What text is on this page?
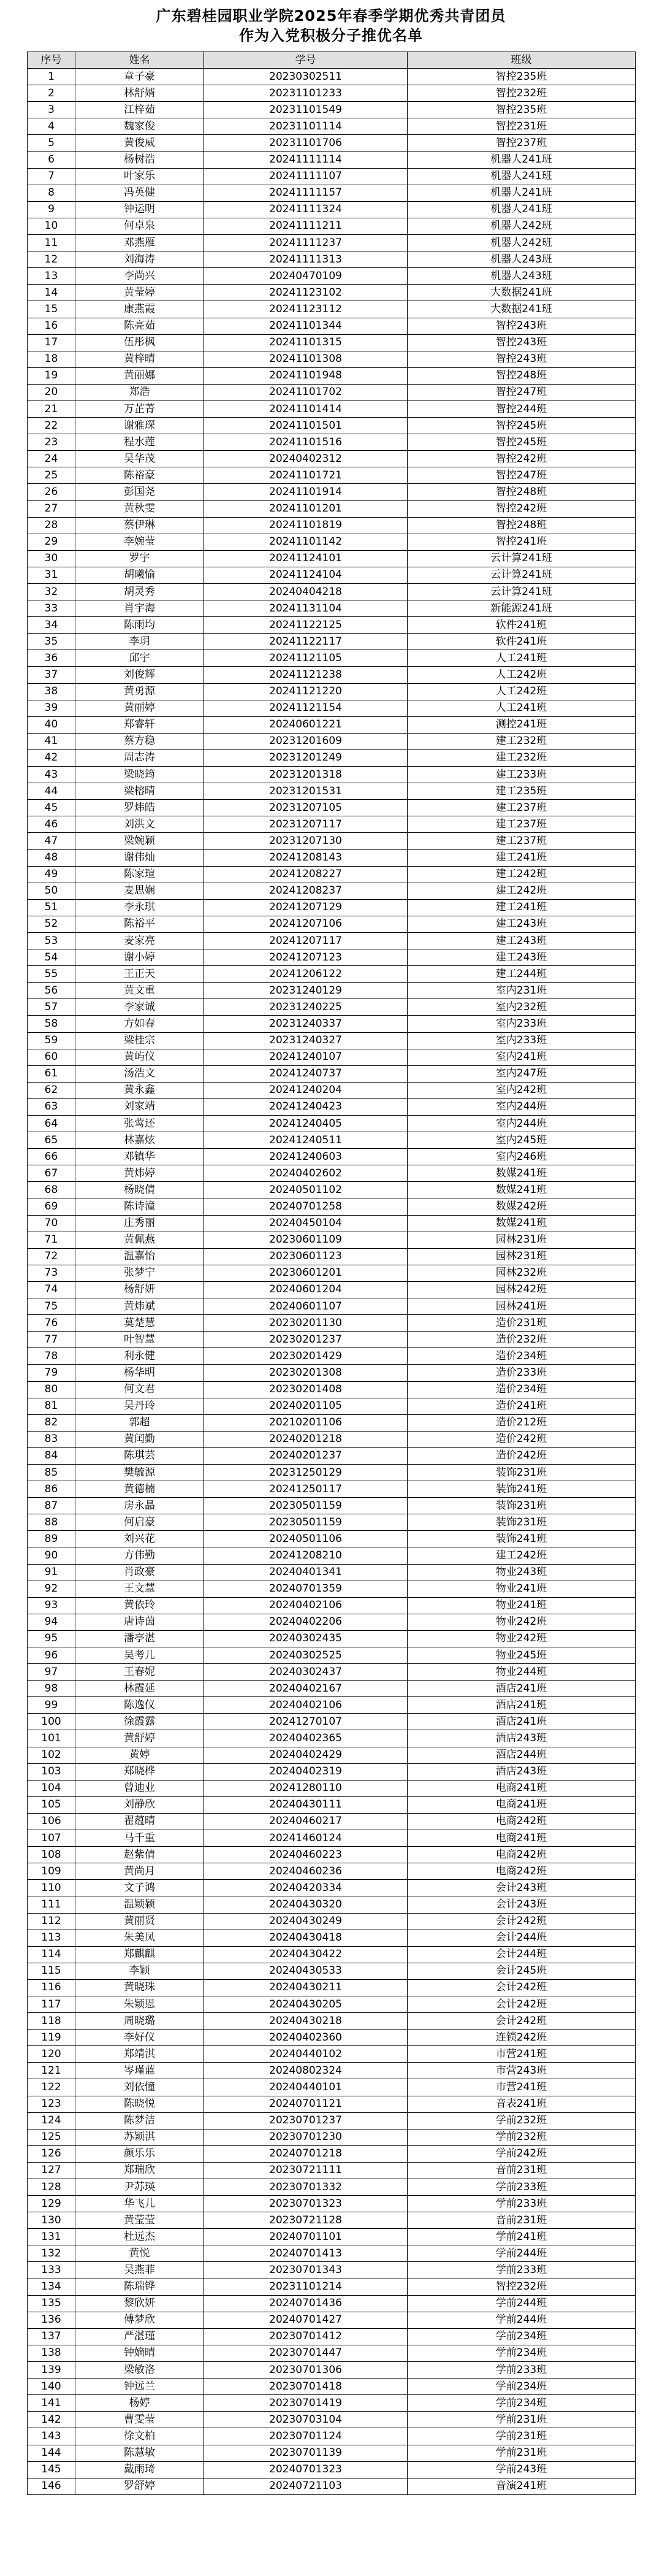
广东碧桂园职业学院2025年春季学期优秀共青团员
作为入党积极分子推优名单
序号	姓名	学号	班级
1	章子豪	20230302511	智控235班
2	林舒婿	20231101233	智控232班
3	江梓茹	20231101549	智控235班
4	魏家俊	20231101114	智控231班
5	黄俊威	20231101706	智控237班
6	杨树浩	20241111114	机器人241班
7	叶家乐	20241111107	机器人241班
8	冯英健	20241111157	机器人241班
9	钟运明	20241111324	机器人241班
10	何卓泉	20241111211	机器人242班
11	邓燕雁	20241111237	机器人242班
12	刘海涛	20241111313	机器人243班
13	李尚兴	20240470109	机器人243班
14	黄莹婷	20241123102	大数据241班
15	康燕霞	20241123112	大数据241班
16	陈亮茹	20241101344	智控243班
17	伍彤枫	20241101315	智控243班
18	黄梓晴	20241101308	智控243班
19	黄丽娜	20241101948	智控248班
20	郑浩	20241101702	智控247班
21	万芷菁	20241101414	智控244班
22	谢雅琛	20241101501	智控245班
23	程水莲	20241101516	智控245班
24	吴华茂	20240402312	智控242班
25	陈裕豪	20241101721	智控247班
26	彭国尧	20241101914	智控248班
27	黄秋雯	20241101201	智控242班
28	蔡伊琳	20241101819	智控248班
29	李婉莹	20241101142	智控241班
30	罗宇	20241124101	云计算241班
31	胡曦愉	20241124104	云计算241班
32	胡灵秀	20240404218	云计算241班
33	肖宇海	20241131104	新能源241班
34	陈雨均	20241122125	软件241班
35	李玥	20241122117	软件241班
36	邱宇	20241121105	人工241班
37	刘俊辉	20241121238	人工242班
38	黄勇源	20241121220	人工242班
39	黄丽婷	20241121154	人工241班
40	郑睿轩	20240601221	测控241班
41	蔡方稳	20231201609	建工232班
42	周志涛	20231201249	建工232班
43	梁晓筠	20231201318	建工233班
44	梁榕晴	20231201531	建工235班
45	罗炜皓	20231207105	建工237班
46	刘洪文	20231207117	建工237班
47	梁婉颖	20231207130	建工237班
48	谢伟灿	20241208143	建工241班
49	陈家瑄	20241208227	建工242班
50	麦思娴	20241208237	建工242班
51	李永琪	20241207129	建工241班
52	陈裕平	20241207106	建工243班
53	麦家亮	20241207117	建工243班
54	谢小婷	20241207123	建工243班
55	王正天	20241206122	建工244班
56	黄文重	20231240129	室内231班
57	李家诚	20231240225	室内232班
58	方如春	20231240337	室内233班
59	梁桂宗	20231240327	室内233班
60	黄屿仪	20241240107	室内241班
61	汤浩文	20241240737	室内247班
62	黄永鑫	20241240204	室内242班
63	刘家靖	20241240423	室内244班
64	张莺还	20241240405	室内244班
65	林嘉炫	20241240511	室内245班
66	邓镇华	20241240603	室内246班
67	黄炜婷	20240402602	数媒241班
68	杨晓倩	20240501102	数媒241班
69	陈诗潼	20240701258	数媒242班
70	庄秀丽	20240450104	数媒241班
71	黄佩燕	20230601109	园林231班
72	温嘉怡	20230601123	园林231班
73	张梦宁	20230601201	园林232班
74	杨舒妍	20240601204	园林242班
75	黄炜斌	20240601107	园林241班
76	莫楚慧	20230201130	造价231班
77	叶智慧	20230201237	造价232班
78	利永健	20230201429	造价234班
79	杨华明	20230201308	造价233班
80	何文君	20230201408	造价234班
81	吴丹玲	20240201105	造价241班
82	郭超	20210201106	造价212班
83	黄闰勤	20240201218	造价242班
84	陈琪芸	20240201237	造价242班
85	樊毓源	20231250129	装饰231班
86	黄德楠	20241250117	装饰241班
87	房永晶	20230501159	装饰231班
88	何启豪	20230501159	装饰231班
89	刘兴花	20240501106	装饰241班
90	方伟勤	20241208210	建工242班
91	肖政豪	20240401341	物业243班
92	王文慧	20240701359	物业241班
93	黄依玲	20240402106	物业241班
94	唐诗茵	20240402206	物业242班
95	潘亭湛	20240302435	物业242班
96	吴考儿	20240302525	物业245班
97	王春妮	20240302437	物业244班
98	林霞延	20240402167	酒店241班
99	陈逸仪	20240402106	酒店241班
100	徐霞露	20241270107	酒店241班
101	黄舒婷	20240402365	酒店243班
102	黄婷	20240402429	酒店244班
103	郑晓桦	20240402319	酒店243班
104	曾迪业	20241280110	电商241班
105	刘静欣	20240430111	电商241班
106	翟蕴晴	20240460217	电商242班
107	马千重	20241460124	电商241班
108	赵紫倩	20240460223	电商242班
109	黄尚月	20240460236	电商242班
110	文子鸿	20240420334	会计243班
111	温颖颖	20240430320	会计243班
112	黄丽贤	20240430249	会计242班
113	朱美凤	20240430418	会计244班
114	郑麒麒	20240430422	会计244班
115	李颖	20240430533	会计245班
116	黄晓珠	20240430211	会计242班
117	朱颖恩	20240430205	会计242班
118	周晓璐	20240430218	会计242班
119	李好仪	20240402360	连锁242班
120	郑靖淇	20240440102	市营241班
121	岑瑾蓝	20240802324	市营243班
122	刘依憧	20240440101	市营241班
123	陈晓悦	20240701121	音表241班
124	陈梦洁	20230701237	学前232班
125	苏颖淇	20230701230	学前232班
126	颜乐乐	20240701218	学前242班
127	郑瑞欣	20230721111	音前231班
128	尹苏瑛	20230701332	学前233班
129	华飞儿	20230701323	学前233班
130	黄莹莹	20230721128	音前231班
131	杜远杰	20240701101	学前241班
132	黄悦	20240701413	学前244班
133	吴燕菲	20230701343	学前233班
134	陈瑞铧	20231101214	智控232班
135	黎欣妍	20240701436	学前244班
136	傅梦欣	20240701427	学前244班
137	严湛瑾	20230701412	学前234班
138	钟嫡晴	20230701447	学前234班
139	梁敏洛	20230701306	学前233班
140	钟远兰	20230701418	学前234班
141	杨婷	20230701419	学前234班
142	曹雯莹	20230703104	学前231班
143	徐文柏	20230701124	学前231班
144	陈慧敏	20230701139	学前231班
145	戴雨琦	20240701323	学前243班
146	罗舒婷	20240721103	音演241班
